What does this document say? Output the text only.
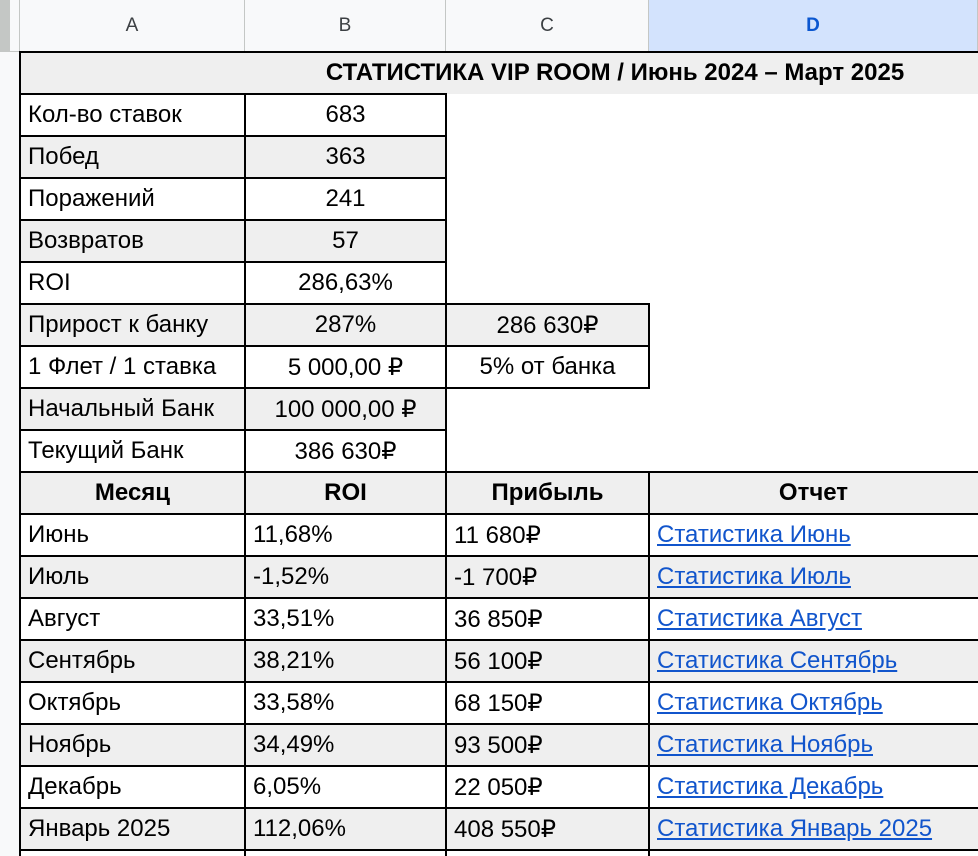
A	B	C	D
СТАТИСТИКА VIP ROOM / Июнь 2024 – Март 2025
Кол-во ставок	683
Побед	363
Поражений	241
Возвратов	57
ROI	286,63%
Прирост к банку	287%	286 630₽
1 Флет / 1 ставка	5 000,00 ₽	5% от банка
Начальный Банк	100 000,00 ₽
Текущий Банк	386 630₽
Месяц	ROI	Прибыль	Отчет
Июнь	11,68%	11 680₽	Статистика Июнь
Июль	-1,52%	-1 700₽	Статистика Июль
Август	33,51%	36 850₽	Статистика Август
Сентябрь	38,21%	56 100₽	Статистика Сентябрь
Октябрь	33,58%	68 150₽	Статистика Октябрь
Ноябрь	34,49%	93 500₽	Статистика Ноябрь
Декабрь	6,05%	22 050₽	Статистика Декабрь
Январь 2025	112,06%	408 550₽	Статистика Январь 2025
